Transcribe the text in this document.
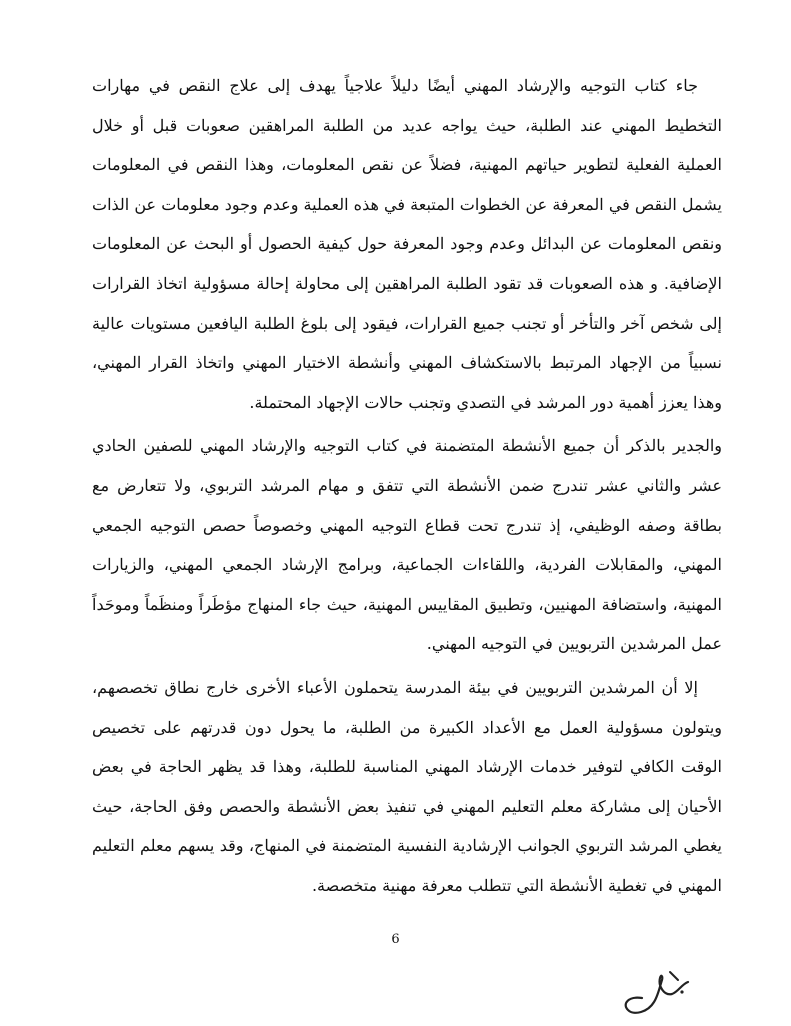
جاء كتاب التوجيه والإرشاد المهني أيضًا دليلاً علاجياً يهدف إلى علاج النقص في مهارات التخطيط المهني عند الطلبة، حيث يواجه عديد من الطلبة المراهقين صعوبات قبل أو خلال العملية الفعلية لتطوير حياتهم المهنية، فضلاً عن نقص المعلومات، وهذا النقص في المعلومات يشمل النقص في المعرفة عن الخطوات المتبعة في هذه العملية وعدم وجود معلومات عن الذات ونقص المعلومات عن البدائل وعدم وجود المعرفة حول كيفية الحصول أو البحث عن المعلومات الإضافية. و هذه الصعوبات قد تقود الطلبة المراهقين إلى محاولة إحالة مسؤولية اتخاذ القرارات إلى شخص آخر والتأخر أو تجنب جميع القرارات، فيقود إلى بلوغ الطلبة اليافعين مستويات عالية نسبياً من الإجهاد المرتبط بالاستكشاف المهني وأنشطة الاختيار المهني واتخاذ القرار المهني، وهذا يعزز أهمية دور المرشد في التصدي وتجنب حالات الإجهاد المحتملة.

والجدير بالذكر أن جميع الأنشطة المتضمنة في كتاب التوجيه والإرشاد المهني للصفين الحادي عشر والثاني عشر تندرج ضمن الأنشطة التي تتفق و مهام المرشد التربوي، ولا تتعارض مع بطاقة وصفه الوظيفي، إذ تندرج تحت قطاع التوجيه المهني وخصوصاً حصص التوجيه الجمعي المهني، والمقابلات الفردية، واللقاءات الجماعية، وبرامج الإرشاد الجمعي المهني، والزيارات المهنية، واستضافة المهنيين، وتطبيق المقاييس المهنية، حيث جاء المنهاج مؤطَراً ومنظَماً وموحَداً عمل المرشدين التربويين في التوجيه المهني.

إلا أن المرشدين التربويين في بيئة المدرسة يتحملون الأعباء الأخرى خارج نطاق تخصصهم، ويتولون مسؤولية العمل مع الأعداد الكبيرة من الطلبة، ما يحول دون قدرتهم على تخصيص الوقت الكافي لتوفير خدمات الإرشاد المهني المناسبة للطلبة، وهذا قد يظهر الحاجة في بعض الأحيان إلى مشاركة معلم التعليم المهني في تنفيذ بعض الأنشطة والحصص وفق الحاجة، حيث يغطي المرشد التربوي الجوانب الإرشادية النفسية المتضمنة في المنهاج، وقد يسهم معلم التعليم المهني في تغطية الأنشطة التي تتطلب معرفة مهنية متخصصة.

6
